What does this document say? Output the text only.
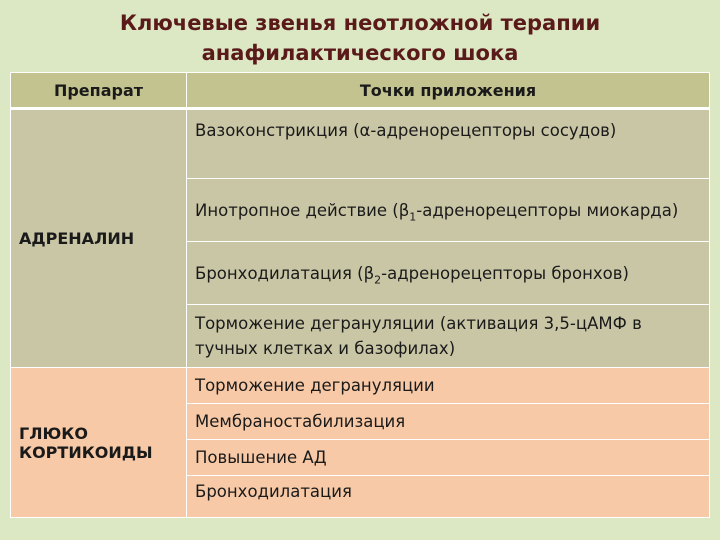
Ключевые звенья неотложной терапии
анафилактического шока
Препарат	Точки приложения
АДРЕНАЛИН	Вазоконстрикция (α-адренорецепторы сосудов)
	Инотропное действие ($\beta_1$-адренорецепторы миокарда)
	Бронходилатация ($\beta_2$-адренорецепторы бронхов)
	Торможение дегрануляции (активация 3,5-цАМФ в тучных клетках и базофилах)

ГЛЮКО
КОРТИКОИДЫ	Торможение дегрануляции
	Мембраностабилизация
	Повышение АД
	Бронходилатация
